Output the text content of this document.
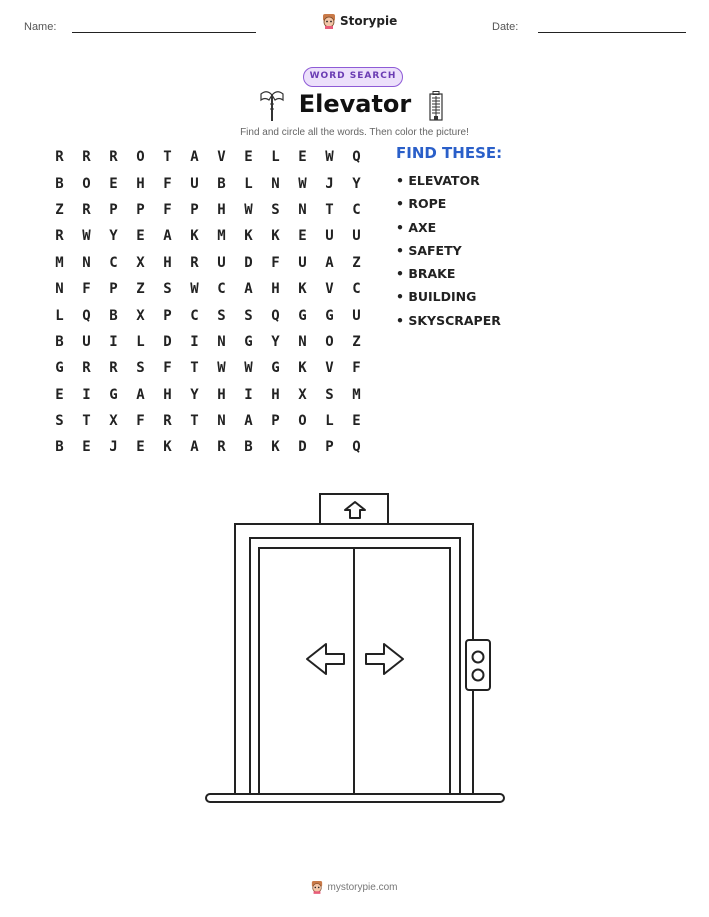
Name:	Storypie	Date:
WORD SEARCH
Elevator
Find and circle all the words. Then color the picture!
R	R	R	O	T	A	V	E	L	E	W	Q
B	O	E	H	F	U	B	L	N	W	J	Y
Z	R	P	P	F	P	H	W	S	N	T	C
R	W	Y	E	A	K	M	K	K	E	U	U
M	N	C	X	H	R	U	D	F	U	A	Z
N	F	P	Z	S	W	C	A	H	K	V	C
L	Q	B	X	P	C	S	S	Q	G	G	U
B	U	I	L	D	I	N	G	Y	N	O	Z
G	R	R	S	F	T	W	W	G	K	V	F
E	I	G	A	H	Y	H	I	H	X	S	M
S	T	X	F	R	T	N	A	P	O	L	E
B	E	J	E	K	A	R	B	K	D	P	Q
FIND THESE:
• ELEVATOR
• ROPE
• AXE
• SAFETY
• BRAKE
• BUILDING
• SKYSCRAPER
mystorypie.com
